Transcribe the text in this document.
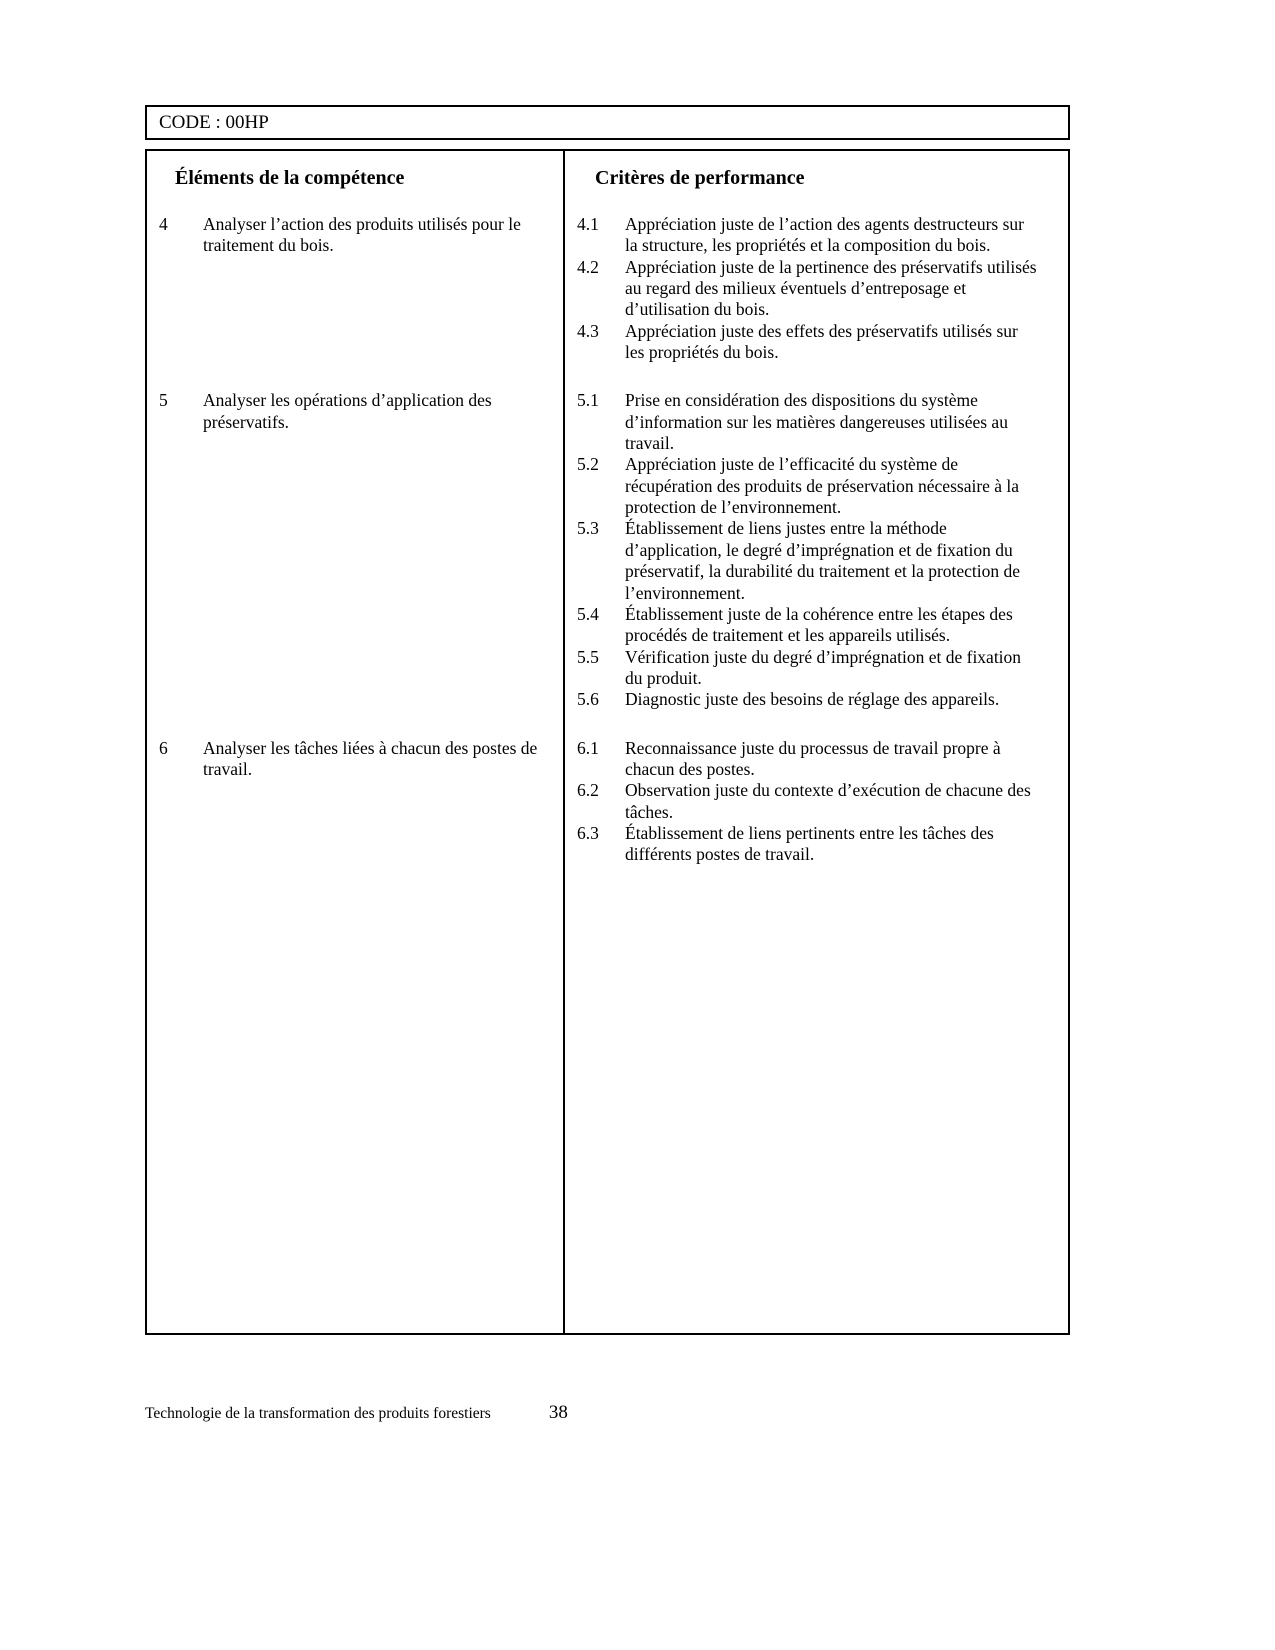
CODE : 00HP
Éléments de la compétence	Critères de performance
4	Analyser l’action des produits utilisés pour le traitement du bois.
4.1	Appréciation juste de l’action des agents destructeurs sur la structure, les propriétés et la composition du bois.
4.2	Appréciation juste de la pertinence des préservatifs utilisés au regard des milieux éventuels d’entreposage et d’utilisation du bois.
4.3	Appréciation juste des effets des préservatifs utilisés sur les propriétés du bois.
5	Analyser les opérations d’application des préservatifs.
5.1	Prise en considération des dispositions du système d’information sur les matières dangereuses utilisées au travail.
5.2	Appréciation juste de l’efficacité du système de récupération des produits de préservation nécessaire à la protection de l’environnement.
5.3	Établissement de liens justes entre la méthode d’application, le degré d’imprégnation et de fixation du préservatif, la durabilité du traitement et la protection de l’environnement.
5.4	Établissement juste de la cohérence entre les étapes des procédés de traitement et les appareils utilisés.
5.5	Vérification juste du degré d’imprégnation et de fixation du produit.
5.6	Diagnostic juste des besoins de réglage des appareils.
6	Analyser les tâches liées à chacun des postes de travail.
6.1	Reconnaissance juste du processus de travail propre à chacun des postes.
6.2	Observation juste du contexte d’exécution de chacune des tâches.
6.3	Établissement de liens pertinents entre les tâches des différents postes de travail.
Technologie de la transformation des produits forestiers	38
